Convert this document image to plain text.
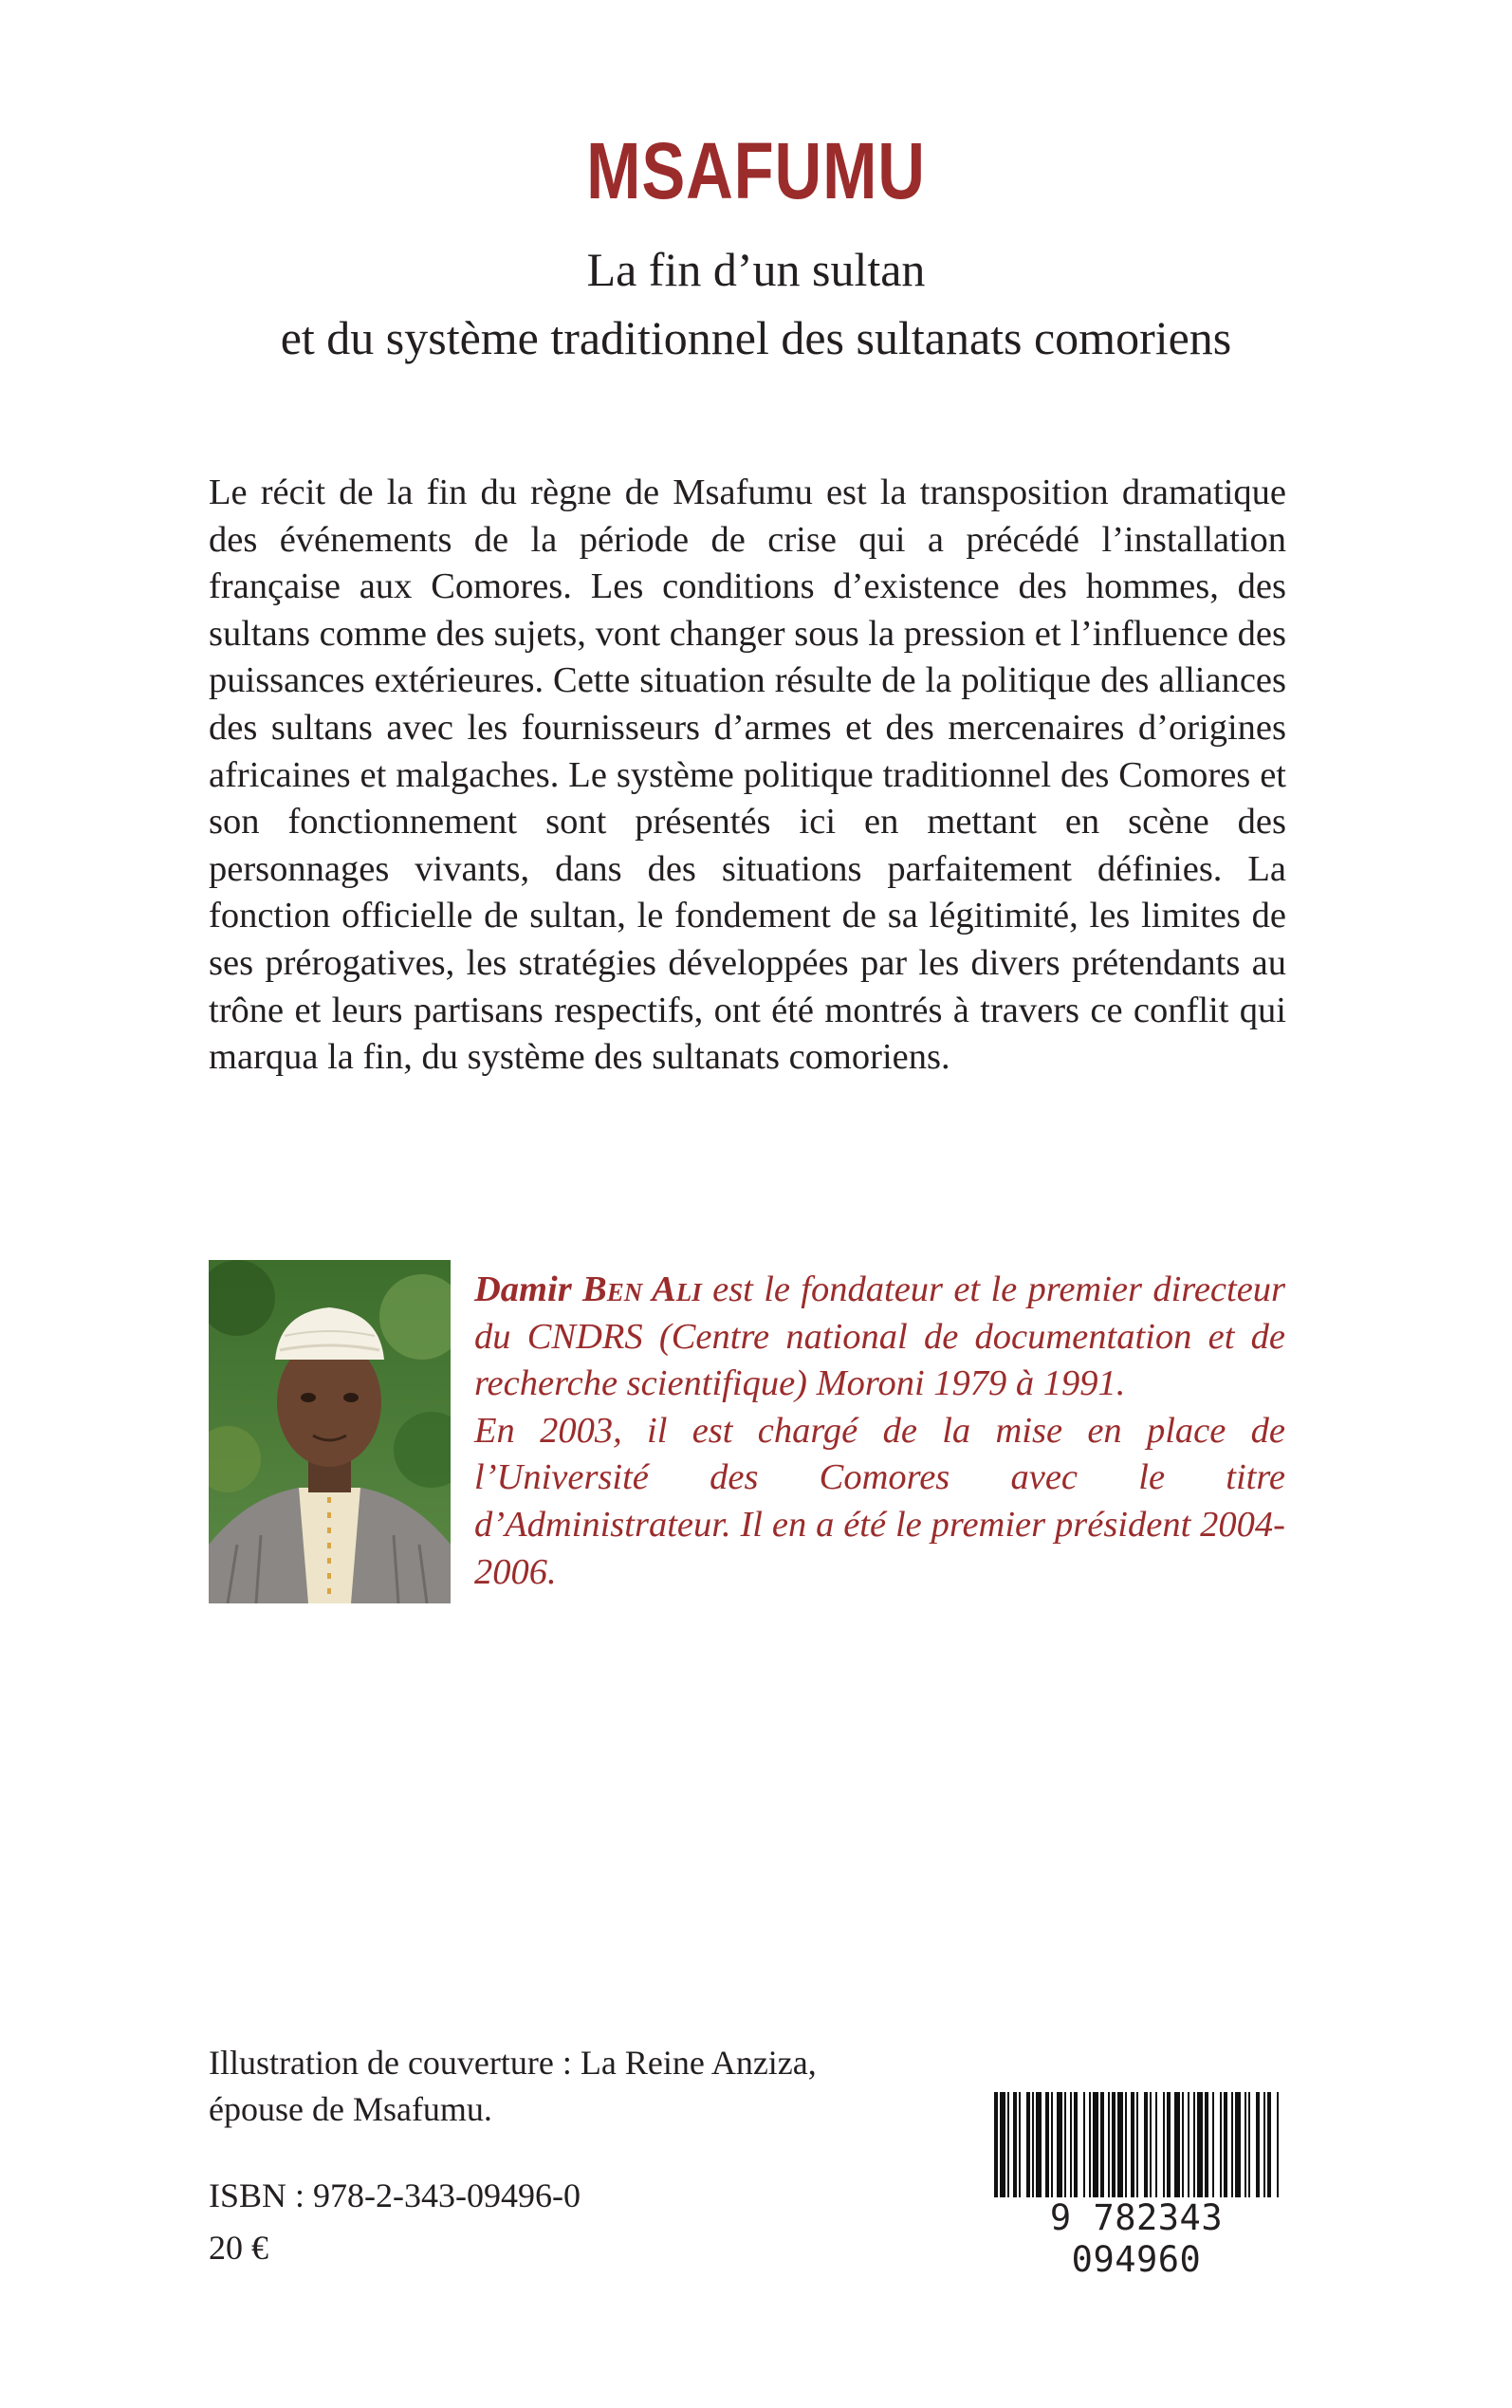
MSAFUMU
La fin d’un sultan
et du système traditionnel des sultanats comoriens

Le récit de la fin du règne de Msafumu est la transposition dramatique des événements de la période de crise qui a précédé l’installation française aux Comores. Les conditions d’existence des hommes, des sultans comme des sujets, vont changer sous la pression et l’influence des puissances extérieures. Cette situation résulte de la politique des alliances des sultans avec les fournisseurs d’armes et des mercenaires d’origines africaines et malgaches. Le système politique traditionnel des Comores et son fonctionnement sont présentés ici en mettant en scène des personnages vivants, dans des situations parfaitement définies. La fonction officielle de sultan, le fondement de sa légitimité, les limites de ses prérogatives, les stratégies développées par les divers prétendants au trône et leurs partisans respectifs, ont été montrés à travers ce conflit qui marqua la fin, du système des sultanats comoriens.

Damir Ben Ali est le fondateur et le premier directeur du CNDRS (Centre national de documentation et de recherche scientifique) Moroni 1979 à 1991.
En 2003, il est chargé de la mise en place de l’Université des Comores avec le titre d’Administrateur. Il en a été le premier président 2004-2006.

Illustration de couverture : La Reine Anziza,
épouse de Msafumu.

ISBN : 978-2-343-09496-0

20 €

9 782343 094960
